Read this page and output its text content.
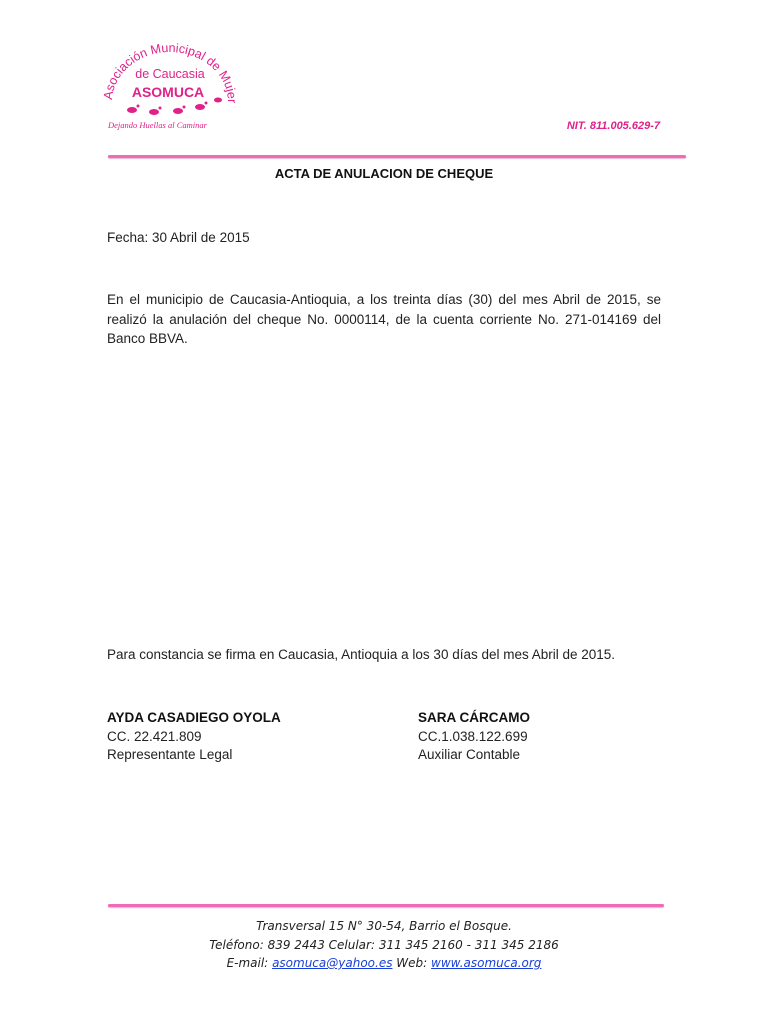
Asociación Municipal de Mujer
de Caucasia
ASOMUCA
Dejando Huellas al Caminar	NIT. 811.005.629-7
ACTA DE ANULACION DE CHEQUE
Fecha: 30 Abril de 2015
En el municipio de Caucasia-Antioquia, a los treinta días (30) del mes Abril de 2015, se realizó la anulación del cheque No. 0000114, de la cuenta corriente No. 271-014169 del Banco BBVA.
Para constancia se firma en Caucasia, Antioquia a los 30 días del mes Abril de 2015.
AYDA CASADIEGO OYOLA
CC. 22.421.809
Representante Legal
SARA CÁRCAMO
CC.1.038.122.699
Auxiliar Contable
Transversal 15 N° 30-54, Barrio el Bosque.
Teléfono: 839 2443 Celular: 311 345 2160 - 311 345 2186
E-mail: asomuca@yahoo.es Web: www.asomuca.org
